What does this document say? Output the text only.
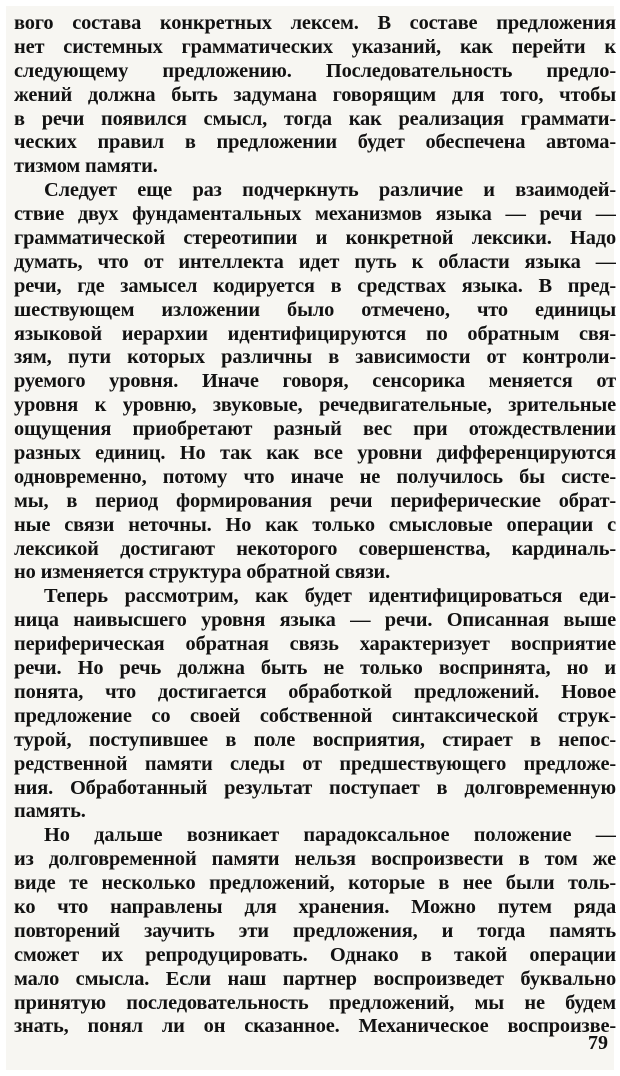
вого состава конкретных лексем. В составе предложения
нет системных грамматических указаний, как перейти к
следующему предложению. Последовательность предло-
жений должна быть задумана говорящим для того, чтобы
в речи появился смысл, тогда как реализация граммати-
ческих правил в предложении будет обеспечена автома-
тизмом памяти.
Следует еще раз подчеркнуть различие и взаимодей-
ствие двух фундаментальных механизмов языка — речи —
грамматической стереотипии и конкретной лексики. Надо
думать, что от интеллекта идет путь к области языка —
речи, где замысел кодируется в средствах языка. В пред-
шествующем изложении было отмечено, что единицы
языковой иерархии идентифицируются по обратным свя-
зям, пути которых различны в зависимости от контроли-
руемого уровня. Иначе говоря, сенсорика меняется от
уровня к уровню, звуковые, речедвигательные, зрительные
ощущения приобретают разный вес при отождествлении
разных единиц. Но так как все уровни дифференцируются
одновременно, потому что иначе не получилось бы систе-
мы, в период формирования речи периферические обрат-
ные связи неточны. Но как только смысловые операции с
лексикой достигают некоторого совершенства, кардиналь-
но изменяется структура обратной связи.
Теперь рассмотрим, как будет идентифицироваться еди-
ница наивысшего уровня языка — речи. Описанная выше
периферическая обратная связь характеризует восприятие
речи. Но речь должна быть не только воспринята, но и
понята, что достигается обработкой предложений. Новое
предложение со своей собственной синтаксической струк-
турой, поступившее в поле восприятия, стирает в непос-
редственной памяти следы от предшествующего предложе-
ния. Обработанный результат поступает в долговременную
память.
Но дальше возникает парадоксальное положение —
из долговременной памяти нельзя воспроизвести в том же
виде те несколько предложений, которые в нее были толь-
ко что направлены для хранения. Можно путем ряда
повторений заучить эти предложения, и тогда память
сможет их репродуцировать. Однако в такой операции
мало смысла. Если наш партнер воспроизведет буквально
принятую последовательность предложений, мы не будем
знать, понял ли он сказанное. Механическое воспроизве-
79
